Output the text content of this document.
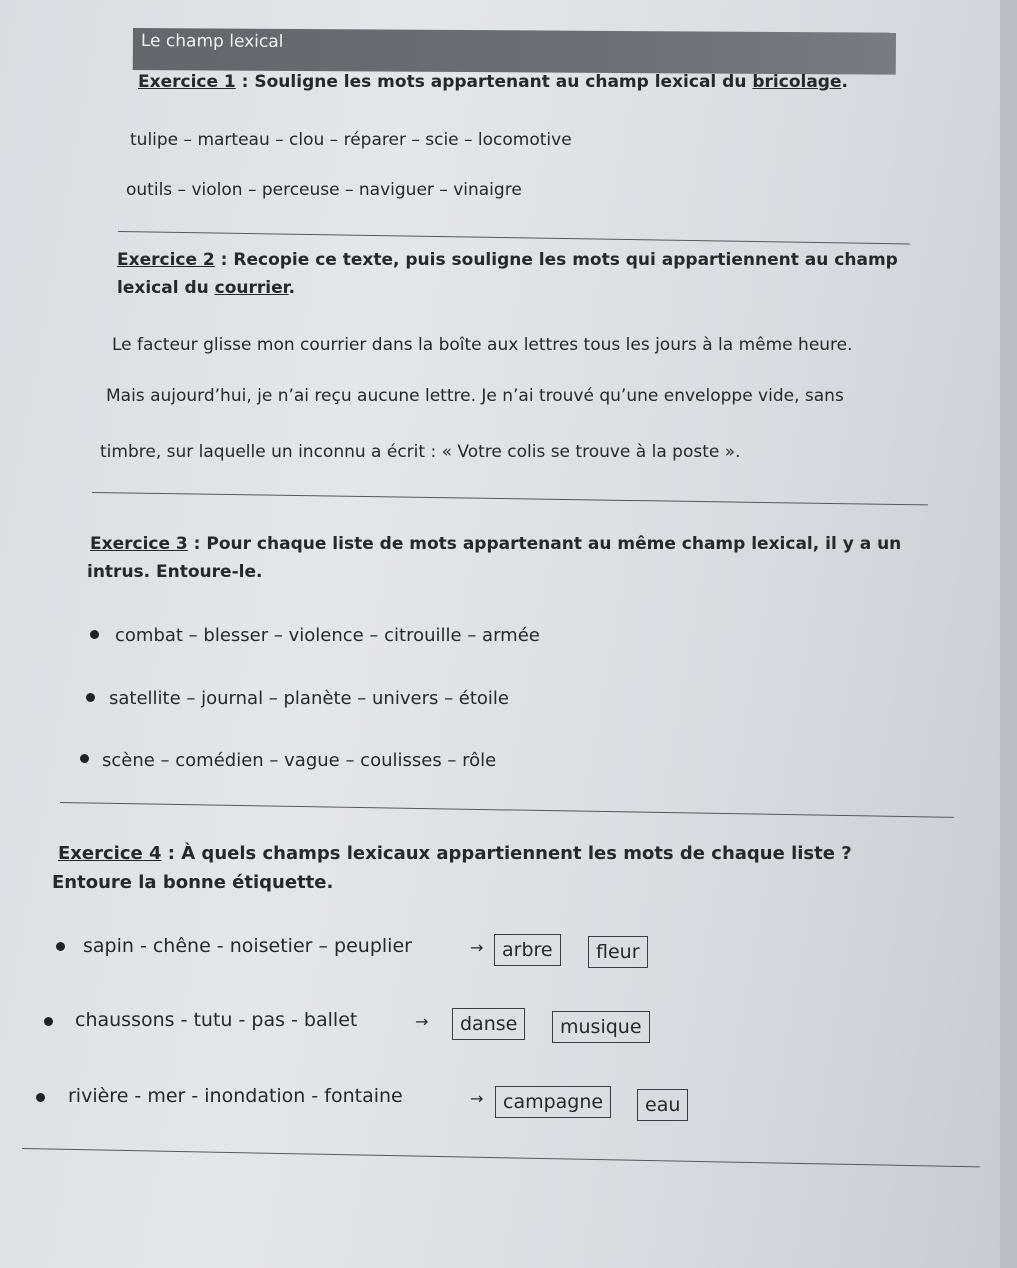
Le champ lexical
Exercice 1 : Souligne les mots appartenant au champ lexical du bricolage.
tulipe – marteau – clou – réparer – scie – locomotive
outils – violon – perceuse – naviguer – vinaigre
Exercice 2 : Recopie ce texte, puis souligne les mots qui appartiennent au champ
lexical du courrier.
Le facteur glisse mon courrier dans la boîte aux lettres tous les jours à la même heure.
Mais aujourd’hui, je n’ai reçu aucune lettre. Je n’ai trouvé qu’une enveloppe vide, sans
timbre, sur laquelle un inconnu a écrit : « Votre colis se trouve à la poste ».
Exercice 3 : Pour chaque liste de mots appartenant au même champ lexical, il y a un
intrus. Entoure-le.
combat – blesser – violence – citrouille – armée
satellite – journal – planète – univers – étoile
scène – comédien – vague – coulisses – rôle
Exercice 4 : À quels champs lexicaux appartiennent les mots de chaque liste ?
Entoure la bonne étiquette.
sapin - chêne - noisetier – peuplier	→ arbre	fleur
chaussons - tutu - pas - ballet	→	danse	musique
rivière - mer - inondation - fontaine	→	campagne	eau
